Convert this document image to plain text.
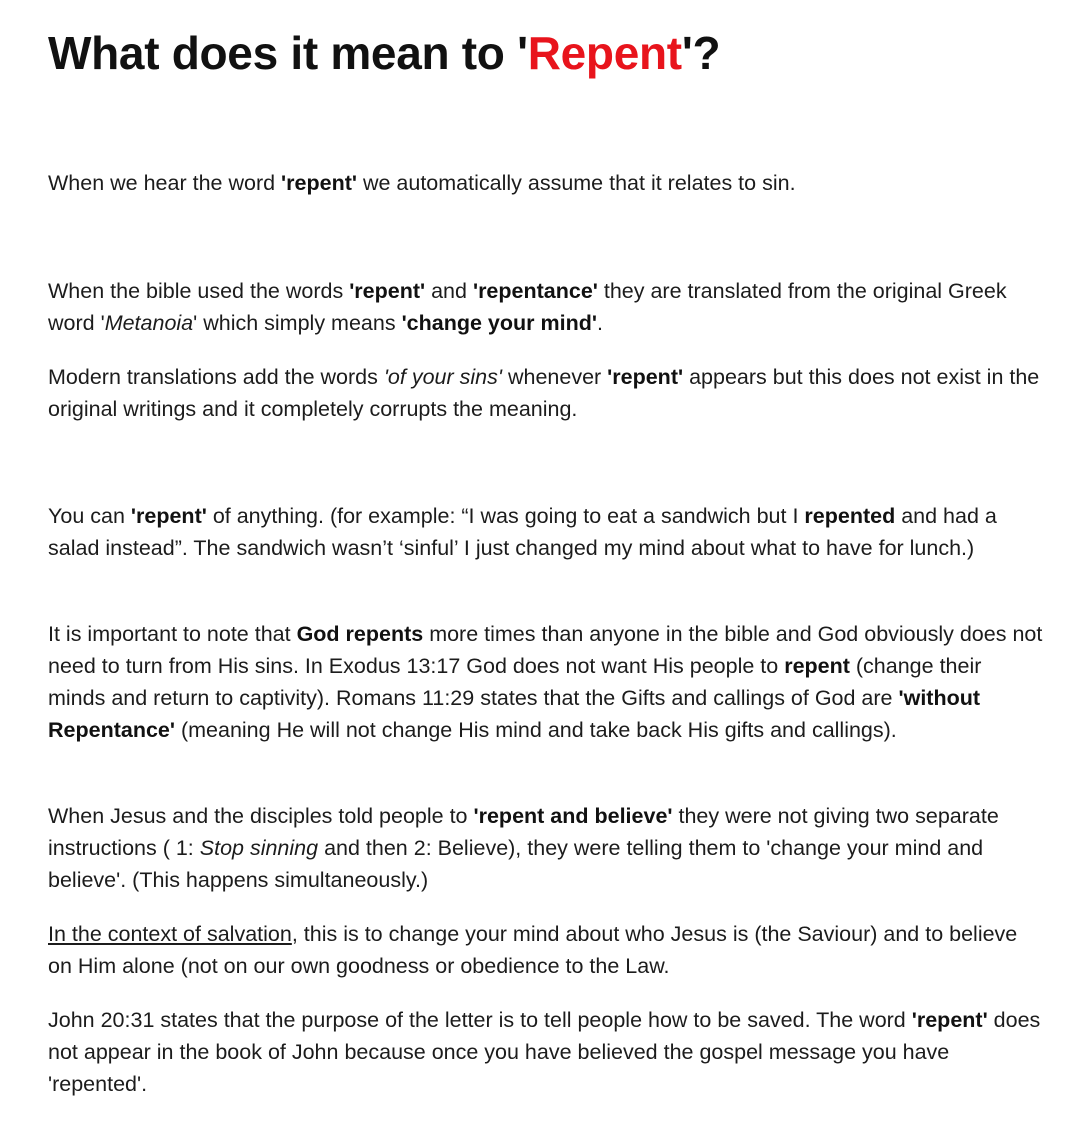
What does it mean to 'Repent'?

When we hear the word 'repent' we automatically assume that it relates to sin.

When the bible used the words 'repent' and 'repentance' they are translated from the original Greek word 'Metanoia' which simply means 'change your mind'.

Modern translations add the words 'of your sins' whenever 'repent' appears but this does not exist in the original writings and it completely corrupts the meaning.

You can 'repent' of anything. (for example: “I was going to eat a sandwich but I repented and had a salad instead”. The sandwich wasn’t ‘sinful’ I just changed my mind about what to have for lunch.)

It is important to note that God repents more times than anyone in the bible and God obviously does not need to turn from His sins. In Exodus 13:17 God does not want His people to repent (change their minds and return to captivity). Romans 11:29 states that the Gifts and callings of God are 'without Repentance' (meaning He will not change His mind and take back His gifts and callings).

When Jesus and the disciples told people to 'repent and believe' they were not giving two separate instructions ( 1: Stop sinning and then 2: Believe), they were telling them to 'change your mind and believe'. (This happens simultaneously.)

In the context of salvation, this is to change your mind about who Jesus is (the Saviour) and to believe on Him alone (not on our own goodness or obedience to the Law.

John 20:31 states that the purpose of the letter is to tell people how to be saved. The word 'repent' does not appear in the book of John because once you have believed the gospel message you have 'repented'.
